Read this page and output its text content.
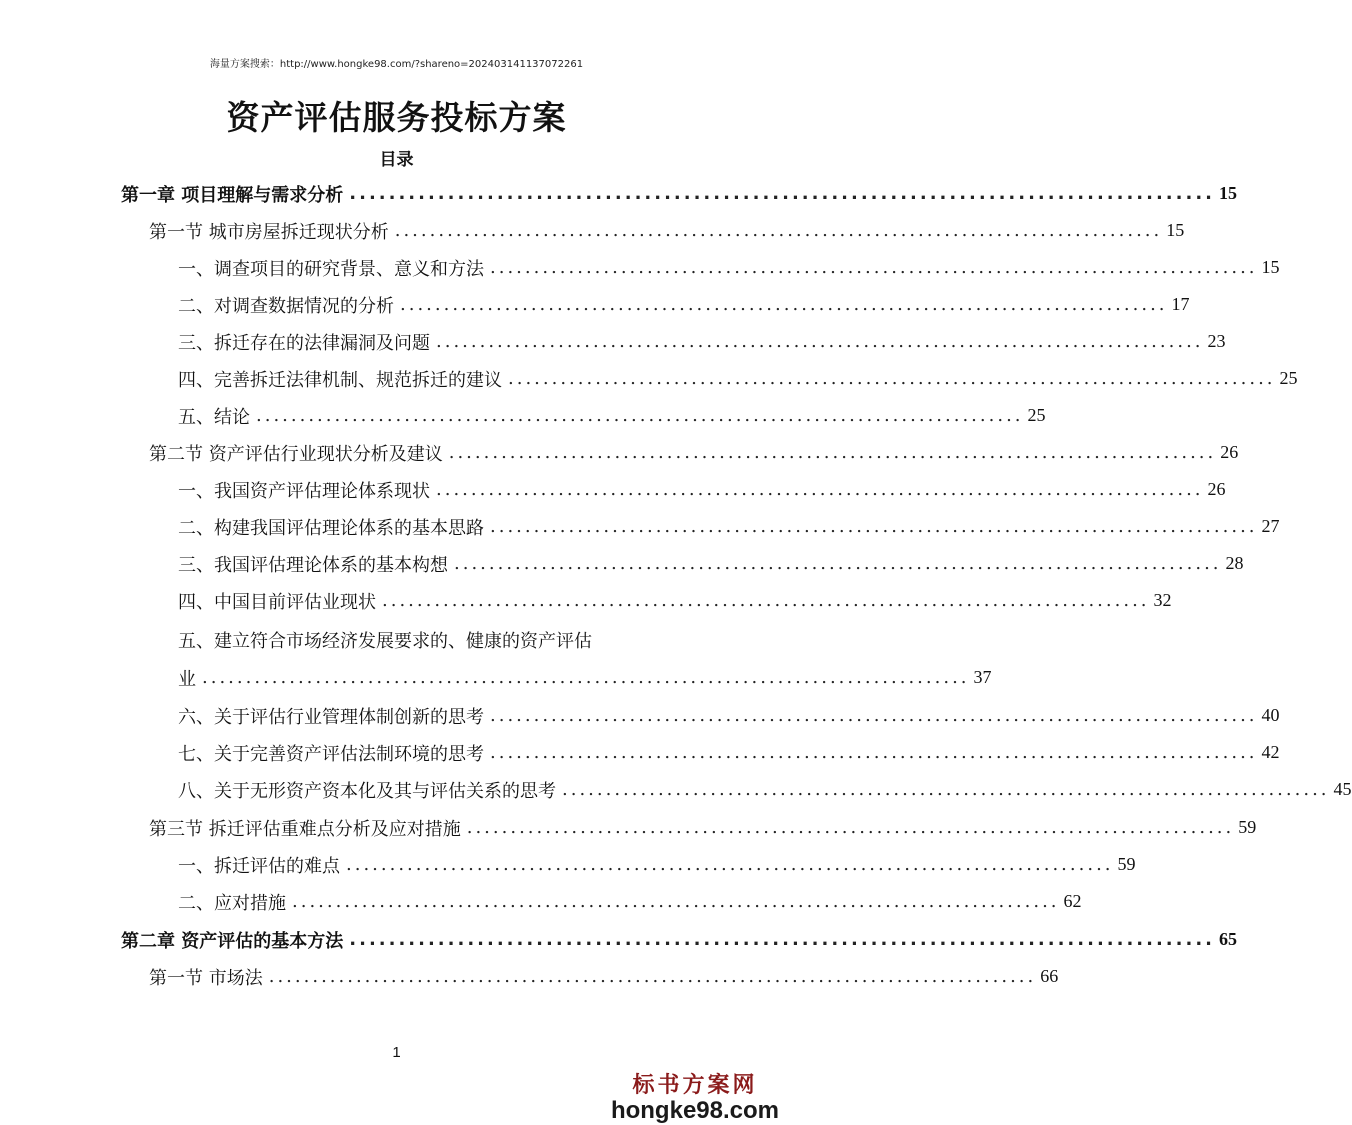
海量方案搜索：http://www.hongke98.com/?shareno=20240314113707​2261
资产评估服务投标方案
目录
第一章 项目理解与需求分析 ........................................................................................ 15
第一节 城市房屋拆迁现状分析 ........................................................................................ 15
一、调查项目的研究背景、意义和方法 ........................................................................................ 15
二、对调查数据情况的分析 ........................................................................................ 17
三、拆迁存在的法律漏洞及问题 ........................................................................................ 23
四、完善拆迁法律机制、规范拆迁的建议 ........................................................................................ 25
五、结论 ........................................................................................ 25
第二节 资产评估行业现状分析及建议 ........................................................................................ 26
一、我国资产评估理论体系现状 ........................................................................................ 26
二、构建我国评估理论体系的基本思路 ........................................................................................ 27
三、我国评估理论体系的基本构想 ........................................................................................ 28
四、中国目前评估业现状 ........................................................................................ 32
五、建立符合市场经济发展要求的、健康的资产评估
业 ........................................................................................ 37
六、关于评估行业管理体制创新的思考 ........................................................................................ 40
七、关于完善资产评估法制环境的思考 ........................................................................................ 42
八、关于无形资产资本化及其与评估关系的思考 ........................................................................................ 45
第三节 拆迁评估重难点分析及应对措施 ........................................................................................ 59
一、拆迁评估的难点 ........................................................................................ 59
二、应对措施 ........................................................................................ 62
第二章 资产评估的基本方法 ........................................................................................ 65
第一节 市场法 ........................................................................................ 66
1
标书方案网
hongke98.com
